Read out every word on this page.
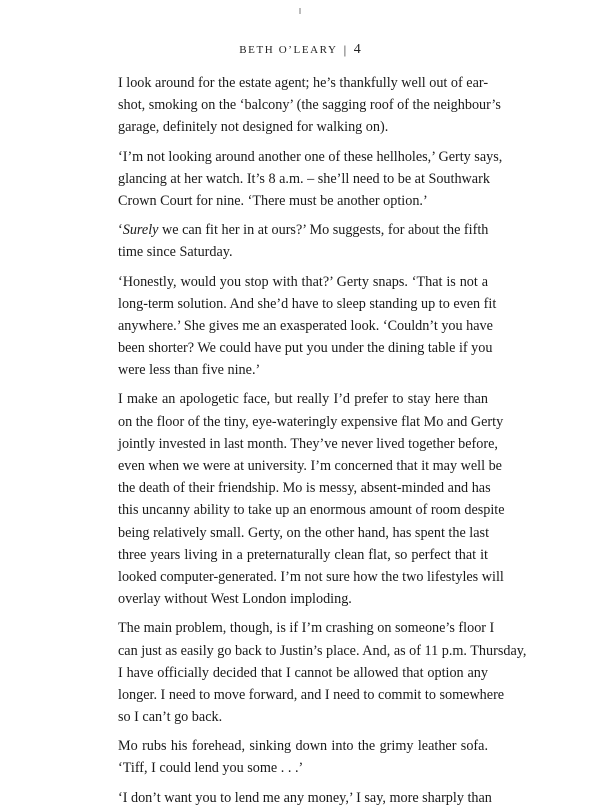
BETH O’LEARY | 4
I look around for the estate agent; he’s thankfully well out of ear-
shot, smoking on the ‘balcony’ (the sagging roof of the neighbour’s
garage, definitely not designed for walking on).
‘I’m not looking around another one of these hellholes,’ Gerty says,
glancing at her watch. It’s 8 a.m. – she’ll need to be at Southwark
Crown Court for nine. ‘There must be another option.’
‘Surely we can fit her in at ours?’ Mo suggests, for about the fifth
time since Saturday.
‘Honestly, would you stop with that?’ Gerty snaps. ‘That is not a
long-term solution. And she’d have to sleep standing up to even fit
anywhere.’ She gives me an exasperated look. ‘Couldn’t you have
been shorter? We could have put you under the dining table if you
were less than five nine.’
I make an apologetic face, but really I’d prefer to stay here than
on the floor of the tiny, eye-wateringly expensive flat Mo and Gerty
jointly invested in last month. They’ve never lived together before,
even when we were at university. I’m concerned that it may well be
the death of their friendship. Mo is messy, absent-minded and has
this uncanny ability to take up an enormous amount of room despite
being relatively small. Gerty, on the other hand, has spent the last
three years living in a preternaturally clean flat, so perfect that it
looked computer-generated. I’m not sure how the two lifestyles will
overlay without West London imploding.
The main problem, though, is if I’m crashing on someone’s floor I
can just as easily go back to Justin’s place. And, as of 11 p.m. Thursday,
I have officially decided that I cannot be allowed that option any
longer. I need to move forward, and I need to commit to somewhere
so I can’t go back.
Mo rubs his forehead, sinking down into the grimy leather sofa.
‘Tiff, I could lend you some . . .’
‘I don’t want you to lend me any money,’ I say, more sharply than
